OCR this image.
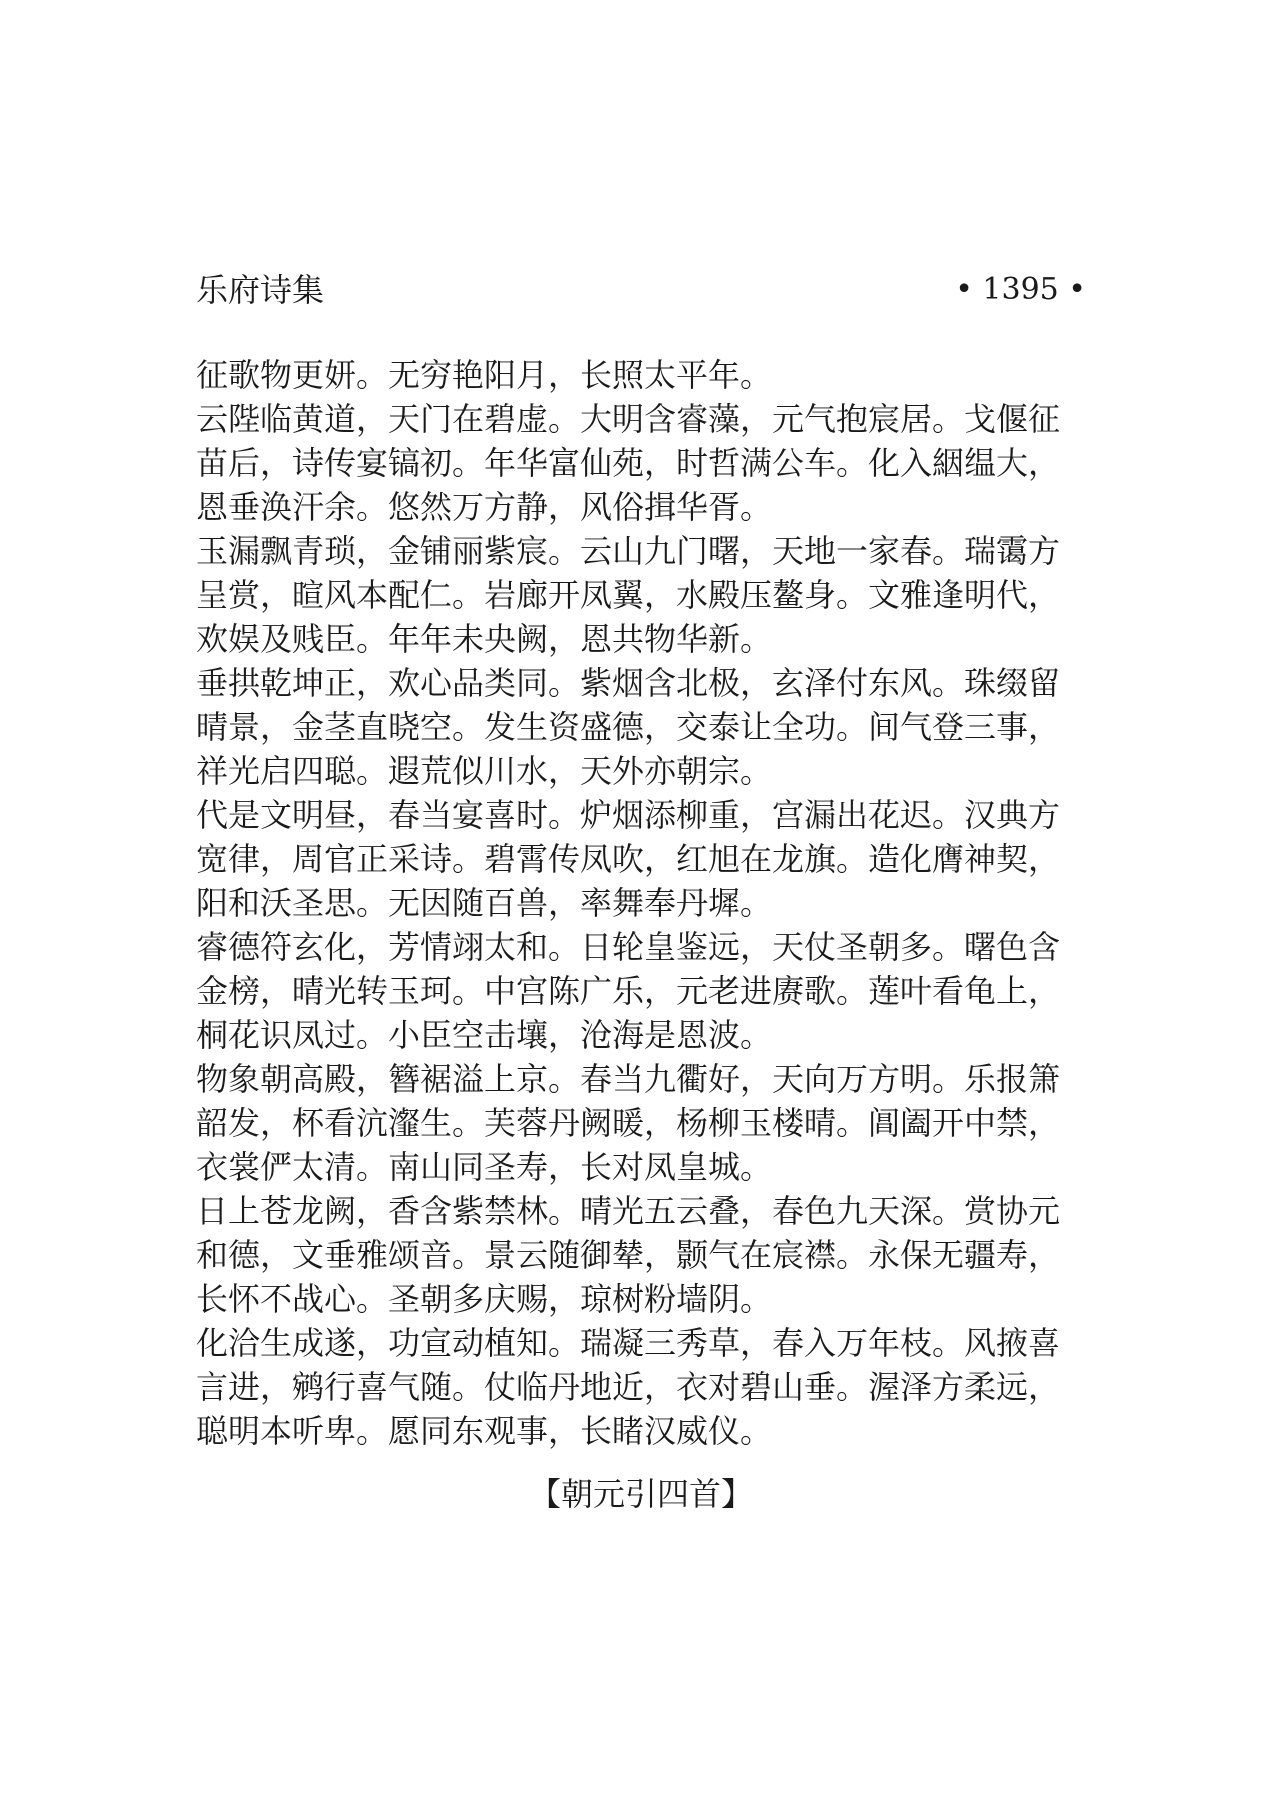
乐府诗集	• 1395 •
征歌物更妍。无穷艳阳月，长照太平年。
云陛临黄道，天门在碧虚。大明含睿藻，元气抱宸居。戈偃征
苗后，诗传宴镐初。年华富仙苑，时哲满公车。化入絪缊大，
恩垂涣汗余。悠然万方静，风俗揖华胥。
玉漏飘青琐，金铺丽紫宸。云山九门曙，天地一家春。瑞霭方
呈赏，暄风本配仁。岩廊开凤翼，水殿压鳌身。文雅逢明代，
欢娱及贱臣。年年未央阙，恩共物华新。
垂拱乾坤正，欢心品类同。紫烟含北极，玄泽付东风。珠缀留
晴景，金茎直晓空。发生资盛德，交泰让全功。间气登三事，
祥光启四聪。遐荒似川水，天外亦朝宗。
代是文明昼，春当宴喜时。炉烟添柳重，宫漏出花迟。汉典方
宽律，周官正采诗。碧霄传凤吹，红旭在龙旗。造化膺神契，
阳和沃圣思。无因随百兽，率舞奉丹墀。
睿德符玄化，芳情翊太和。日轮皇鉴远，天仗圣朝多。曙色含
金榜，晴光转玉珂。中宫陈广乐，元老进赓歌。莲叶看龟上，
桐花识凤过。小臣空击壤，沧海是恩波。
物象朝高殿，簪裾溢上京。春当九衢好，天向万方明。乐报箫
韶发，杯看沆瀣生。芙蓉丹阙暖，杨柳玉楼晴。阊阖开中禁，
衣裳俨太清。南山同圣寿，长对凤皇城。
日上苍龙阙，香含紫禁林。晴光五云叠，春色九天深。赏协元
和德，文垂雅颂音。景云随御辇，颢气在宸襟。永保无疆寿，
长怀不战心。圣朝多庆赐，琼树粉墙阴。
化洽生成遂，功宣动植知。瑞凝三秀草，春入万年枝。风掖喜
言进，鹓行喜气随。仗临丹地近，衣对碧山垂。渥泽方柔远，
聪明本听卑。愿同东观事，长睹汉威仪。
【朝元引四首】
